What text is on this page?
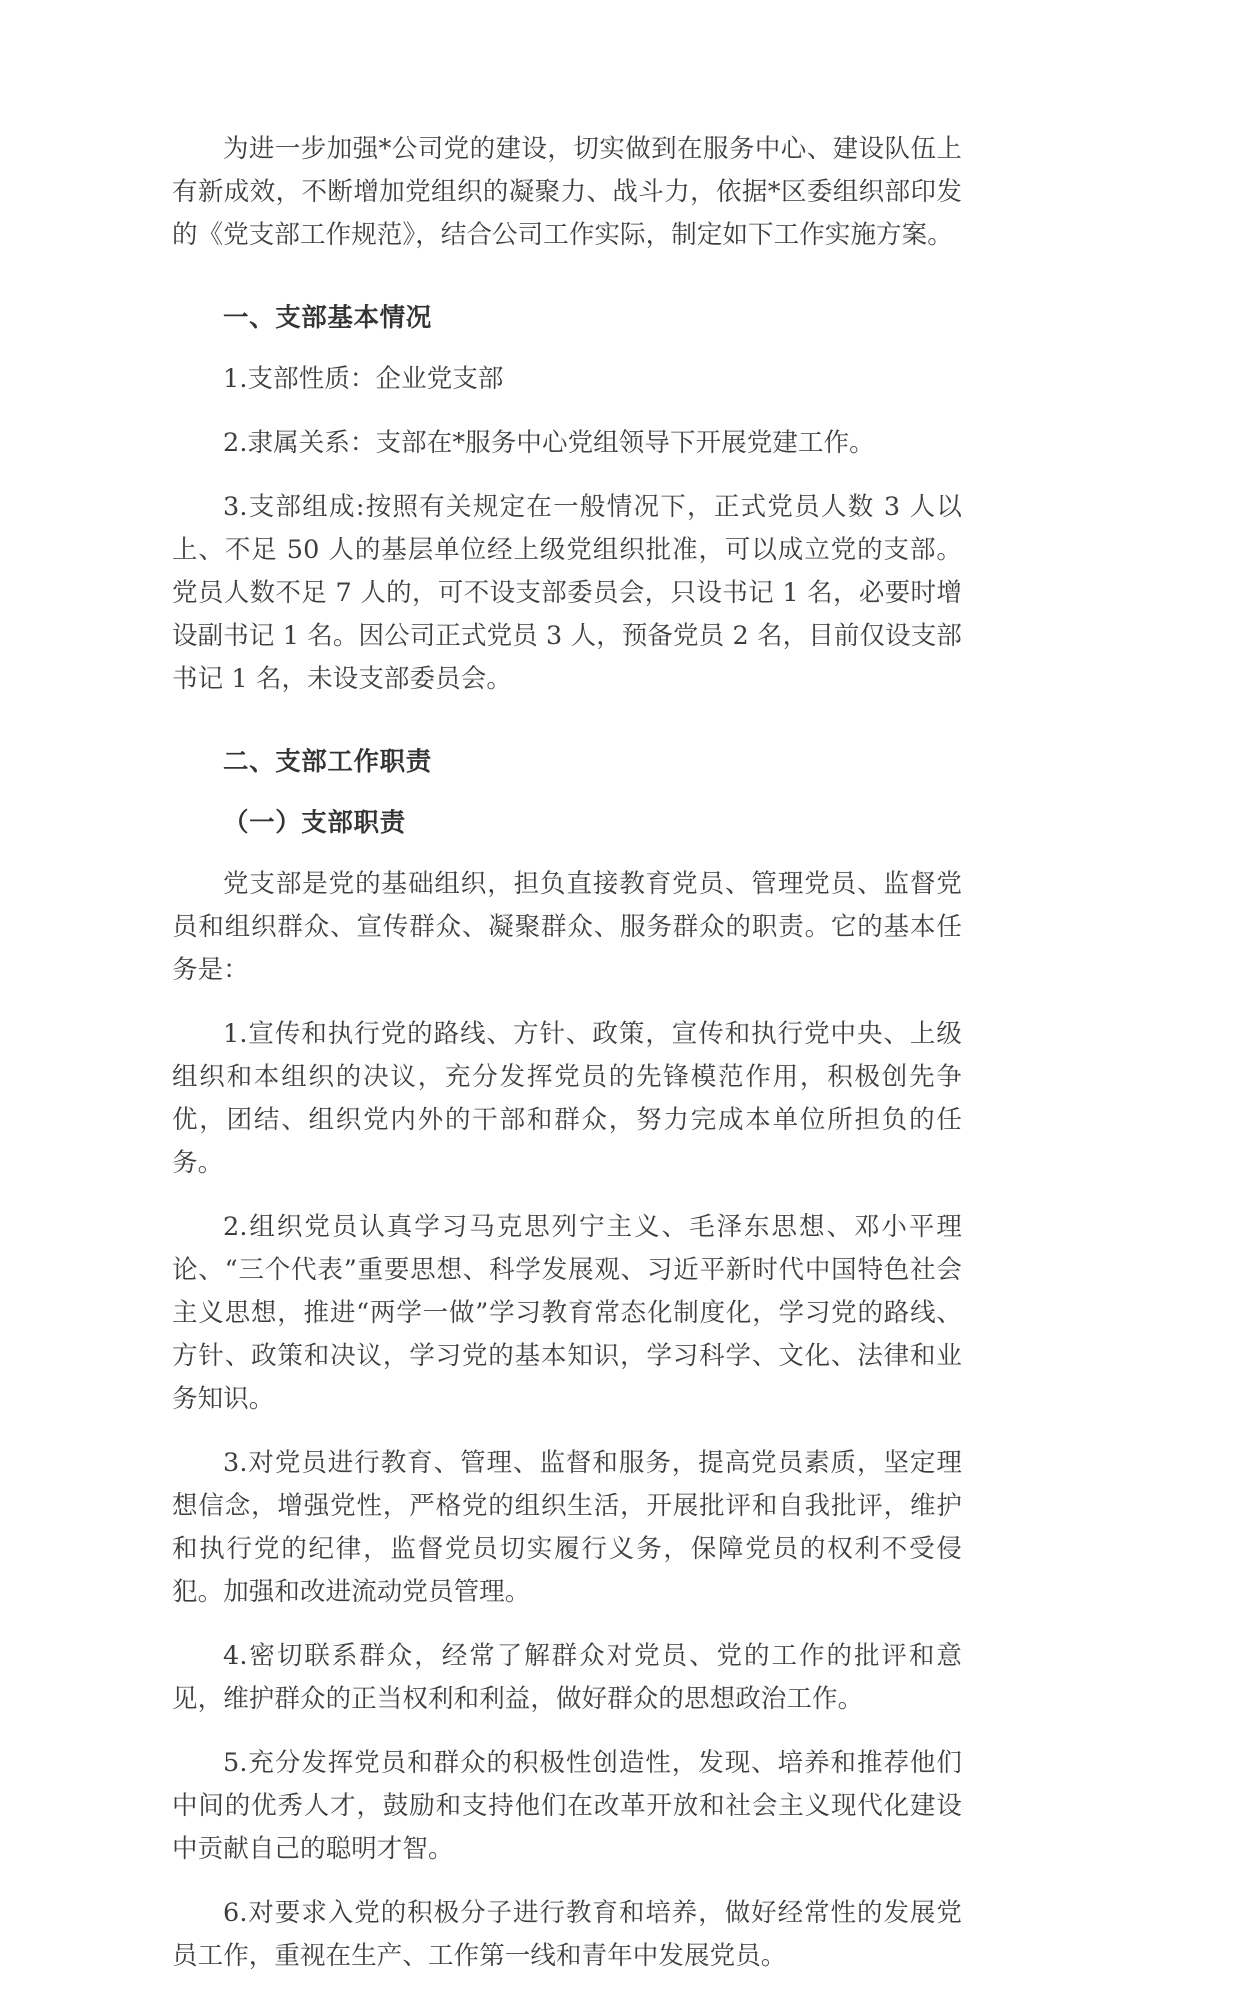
为进一步加强*公司党的建设，切实做到在服务中心、建设队伍上有新成效，不断增加党组织的凝聚力、战斗力，依据*区委组织部印发的《党支部工作规范》，结合公司工作实际，制定如下工作实施方案。

一、支部基本情况

1.支部性质：企业党支部

2.隶属关系：支部在*服务中心党组领导下开展党建工作。

3.支部组成:按照有关规定在一般情况下，正式党员人数 3 人以上、不足 50 人的基层单位经上级党组织批准，可以成立党的支部。党员人数不足 7 人的，可不设支部委员会，只设书记 1 名，必要时增设副书记 1 名。因公司正式党员 3 人，预备党员 2 名，目前仅设支部书记 1 名，未设支部委员会。

二、支部工作职责
（一）支部职责

党支部是党的基础组织，担负直接教育党员、管理党员、监督党员和组织群众、宣传群众、凝聚群众、服务群众的职责。它的基本任务是：

1.宣传和执行党的路线、方针、政策，宣传和执行党中央、上级组织和本组织的决议，充分发挥党员的先锋模范作用，积极创先争优，团结、组织党内外的干部和群众，努力完成本单位所担负的任务。

2.组织党员认真学习马克思列宁主义、毛泽东思想、邓小平理论、“三个代表”重要思想、科学发展观、习近平新时代中国特色社会主义思想，推进“两学一做”学习教育常态化制度化，学习党的路线、方针、政策和决议，学习党的基本知识，学习科学、文化、法律和业务知识。

3.对党员进行教育、管理、监督和服务，提高党员素质，坚定理想信念，增强党性，严格党的组织生活，开展批评和自我批评，维护和执行党的纪律，监督党员切实履行义务，保障党员的权利不受侵犯。加强和改进流动党员管理。

4.密切联系群众，经常了解群众对党员、党的工作的批评和意见，维护群众的正当权利和利益，做好群众的思想政治工作。

5.充分发挥党员和群众的积极性创造性，发现、培养和推荐他们中间的优秀人才，鼓励和支持他们在改革开放和社会主义现代化建设中贡献自己的聪明才智。

6.对要求入党的积极分子进行教育和培养，做好经常性的发展党员工作，重视在生产、工作第一线和青年中发展党员。
